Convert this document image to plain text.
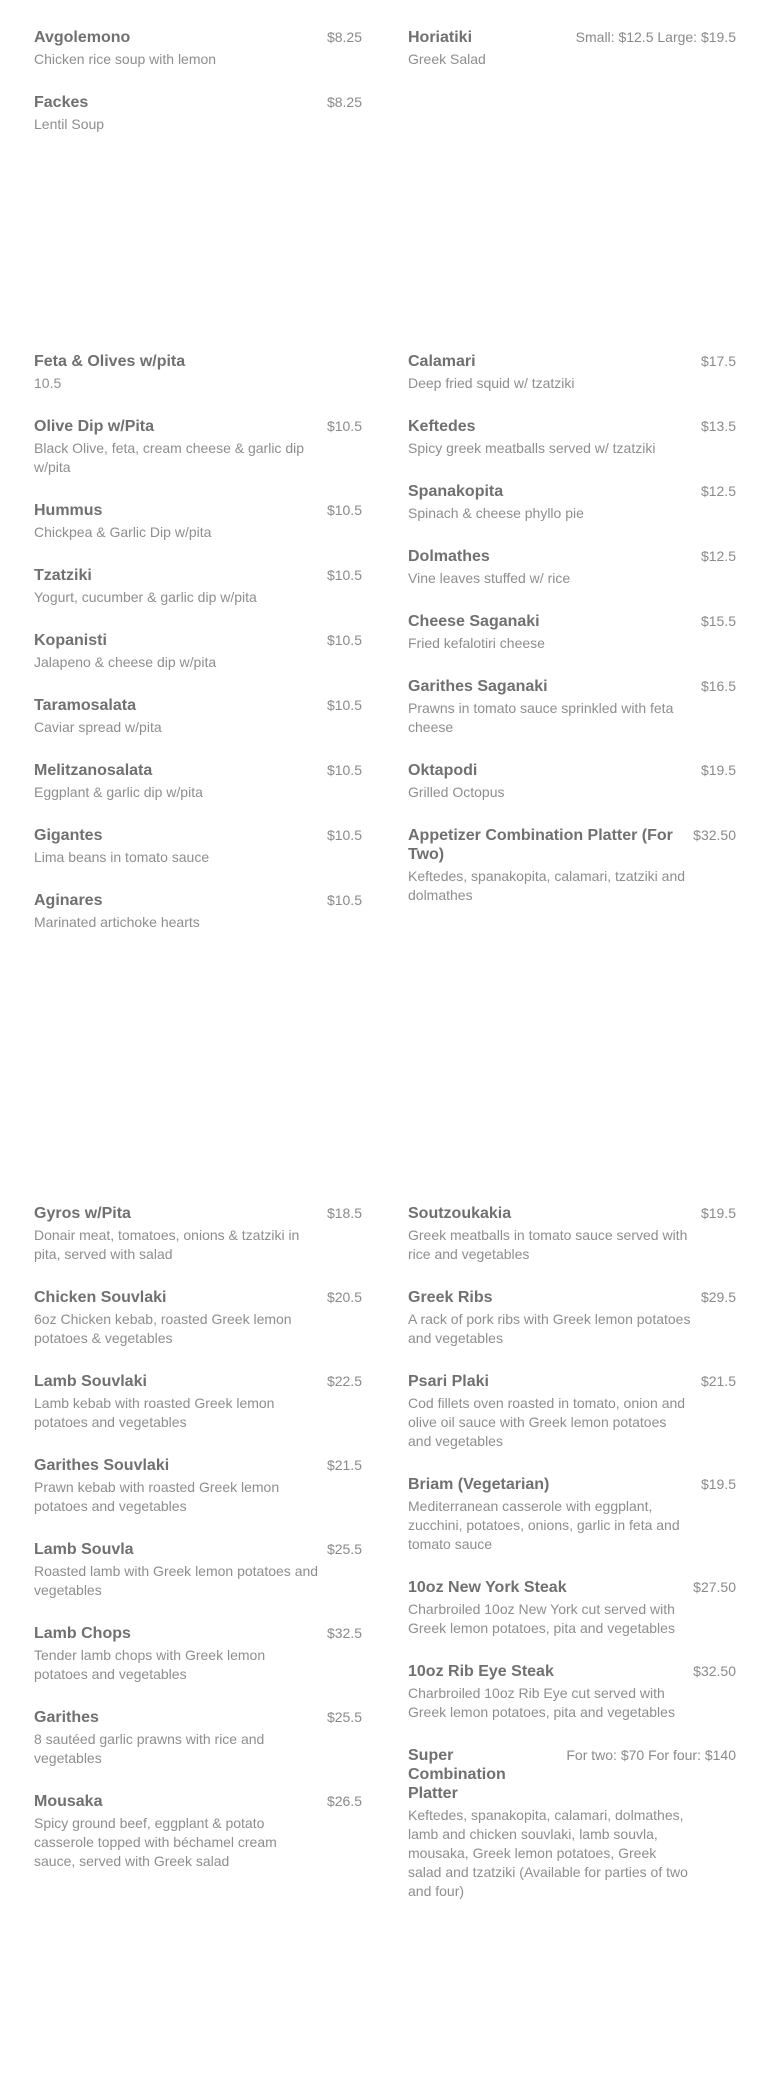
Avgolemono	$8.25
Chicken rice soup with lemon
Fackes	$8.25
Lentil Soup
Horiatiki	Small: $12.5 Large: $19.5
Greek Salad
Feta & Olives w/pita
10.5
Olive Dip w/Pita	$10.5
Black Olive, feta, cream cheese & garlic dip w/pita
Hummus	$10.5
Chickpea & Garlic Dip w/pita
Tzatziki	$10.5
Yogurt, cucumber & garlic dip w/pita
Kopanisti	$10.5
Jalapeno & cheese dip w/pita
Taramosalata	$10.5
Caviar spread w/pita
Melitzanosalata	$10.5
Eggplant & garlic dip w/pita
Gigantes	$10.5
Lima beans in tomato sauce
Aginares	$10.5
Marinated artichoke hearts
Calamari	$17.5
Deep fried squid w/ tzatziki
Keftedes	$13.5
Spicy greek meatballs served w/ tzatziki
Spanakopita	$12.5
Spinach & cheese phyllo pie
Dolmathes	$12.5
Vine leaves stuffed w/ rice
Cheese Saganaki	$15.5
Fried kefalotiri cheese
Garithes Saganaki	$16.5
Prawns in tomato sauce sprinkled with feta cheese
Oktapodi	$19.5
Grilled Octopus
Appetizer Combination Platter (For Two)
$32.50
Keftedes, spanakopita, calamari, tzatziki and dolmathes
Gyros w/Pita	$18.5
Donair meat, tomatoes, onions & tzatziki in pita, served with salad
Chicken Souvlaki	$20.5
6oz Chicken kebab, roasted Greek lemon potatoes & vegetables
Lamb Souvlaki	$22.5
Lamb kebab with roasted Greek lemon potatoes and vegetables
Garithes Souvlaki	$21.5
Prawn kebab with roasted Greek lemon potatoes and vegetables
Lamb Souvla	$25.5
Roasted lamb with Greek lemon potatoes and vegetables
Lamb Chops	$32.5
Tender lamb chops with Greek lemon potatoes and vegetables
Garithes	$25.5
8 sautéed garlic prawns with rice and vegetables
Mousaka	$26.5
Spicy ground beef, eggplant & potato casserole topped with béchamel cream sauce, served with Greek salad
Soutzoukakia	$19.5
Greek meatballs in tomato sauce served with rice and vegetables
Greek Ribs	$29.5
A rack of pork ribs with Greek lemon potatoes and vegetables
Psari Plaki	$21.5
Cod fillets oven roasted in tomato, onion and olive oil sauce with Greek lemon potatoes and vegetables
Briam (Vegetarian)	$19.5
Mediterranean casserole with eggplant, zucchini, potatoes, onions, garlic in feta and tomato sauce
10oz New York Steak	$27.50
Charbroiled 10oz New York cut served with Greek lemon potatoes, pita and vegetables
10oz Rib Eye Steak	$32.50
Charbroiled 10oz Rib Eye cut served with Greek lemon potatoes, pita and vegetables
Super Combination Platter
For two: $70 For four: $140
Keftedes, spanakopita, calamari, dolmathes, lamb and chicken souvlaki, lamb souvla, mousaka, Greek lemon potatoes, Greek salad and tzatziki (Available for parties of two and four)
